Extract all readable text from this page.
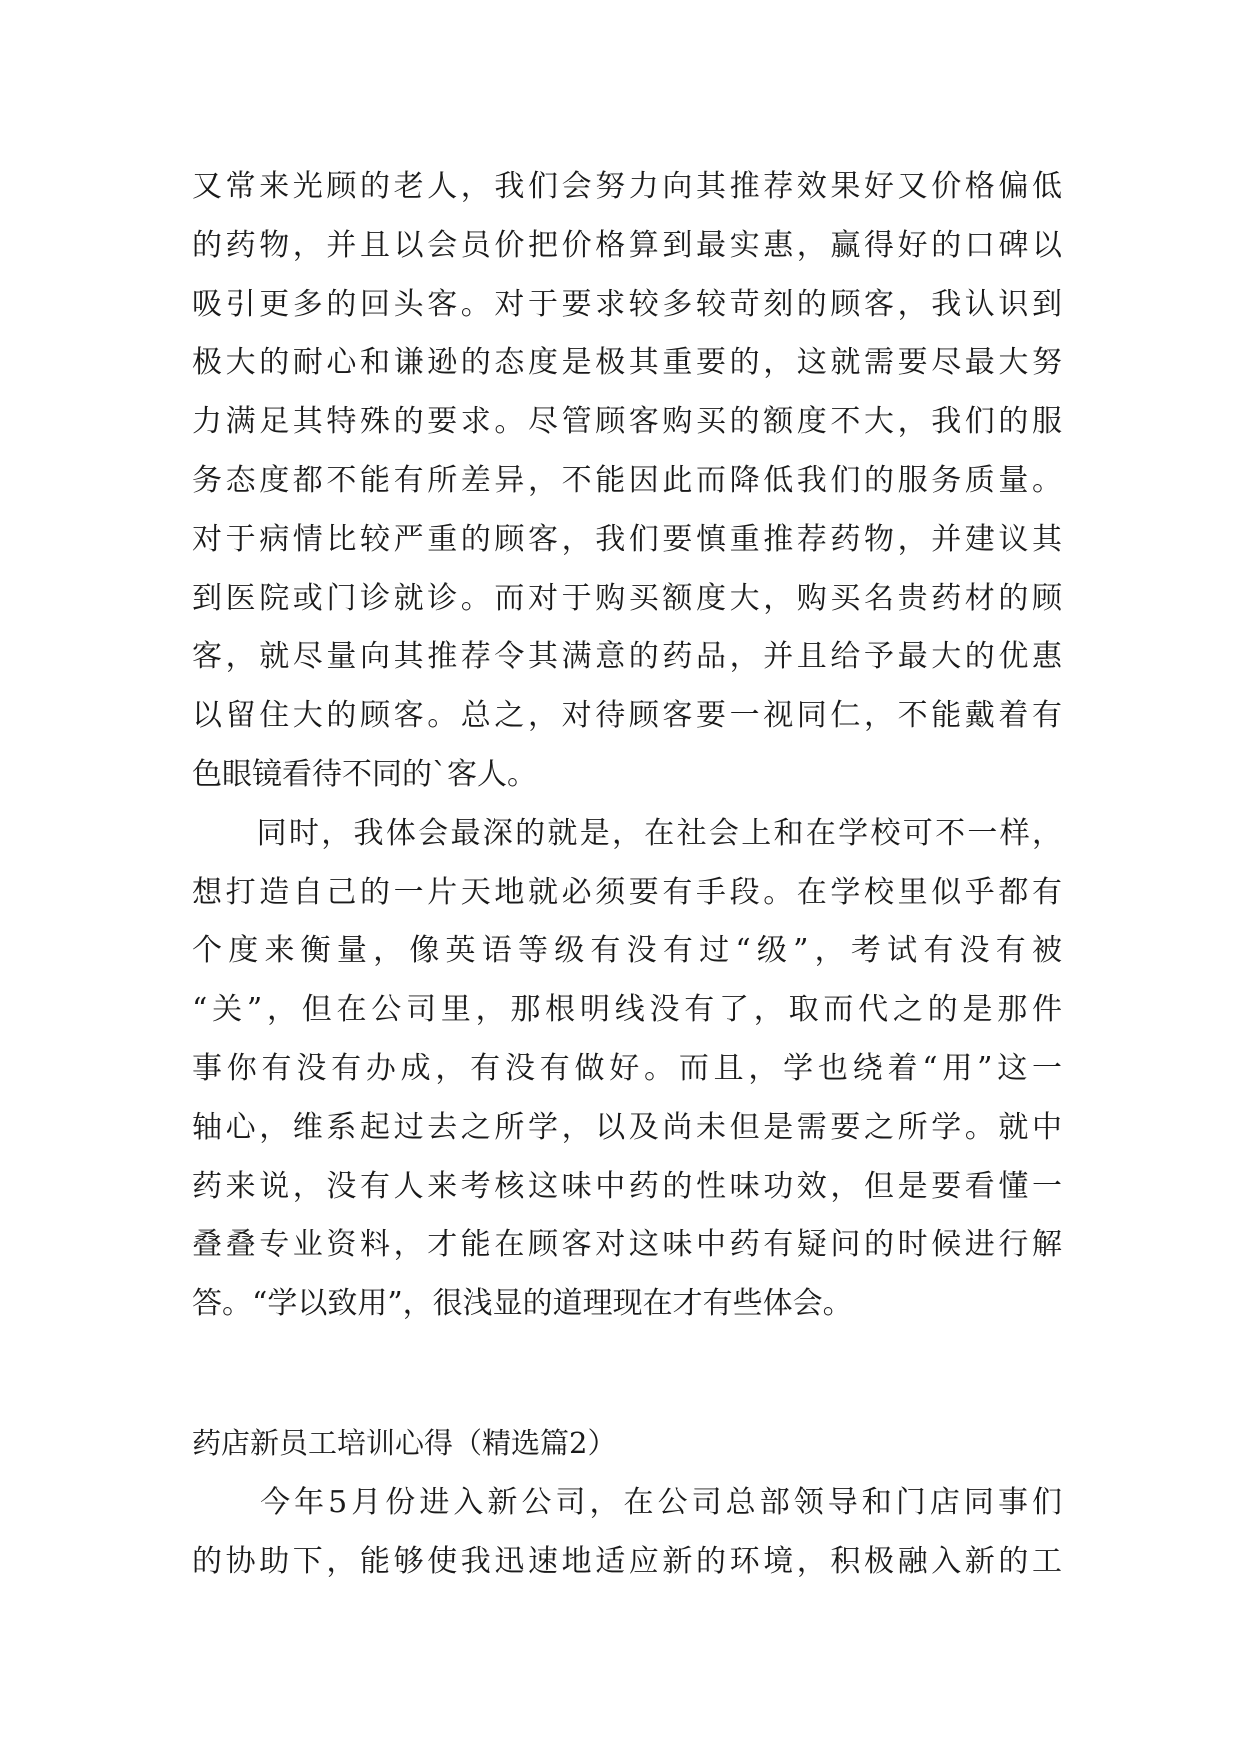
又常来光顾的老人，我们会努力向其推荐效果好又价格偏低
的药物，并且以会员价把价格算到最实惠，赢得好的口碑以
吸引更多的回头客。对于要求较多较苛刻的顾客，我认识到
极大的耐心和谦逊的态度是极其重要的，这就需要尽最大努
力满足其特殊的要求。尽管顾客购买的额度不大，我们的服
务态度都不能有所差异，不能因此而降低我们的服务质量。
对于病情比较严重的顾客，我们要慎重推荐药物，并建议其
到医院或门诊就诊。而对于购买额度大，购买名贵药材的顾
客，就尽量向其推荐令其满意的药品，并且给予最大的优惠
以留住大的顾客。总之，对待顾客要一视同仁，不能戴着有
色眼镜看待不同的`客人。
　　同时，我体会最深的就是，在社会上和在学校可不一样，
想打造自己的一片天地就必须要有手段。在学校里似乎都有
个度来衡量，像英语等级有没有过“级”，考试有没有被
“关”，但在公司里，那根明线没有了，取而代之的是那件
事你有没有办成，有没有做好。而且，学也绕着“用”这一
轴心，维系起过去之所学，以及尚未但是需要之所学。就中
药来说，没有人来考核这味中药的性味功效，但是要看懂一
叠叠专业资料，才能在顾客对这味中药有疑问的时候进行解
答。“学以致用”，很浅显的道理现在才有些体会。
药店新员工培训心得（精选篇2）
　　今年5月份进入新公司，在公司总部领导和门店同事们
的协助下，能够使我迅速地适应新的环境，积极融入新的工
